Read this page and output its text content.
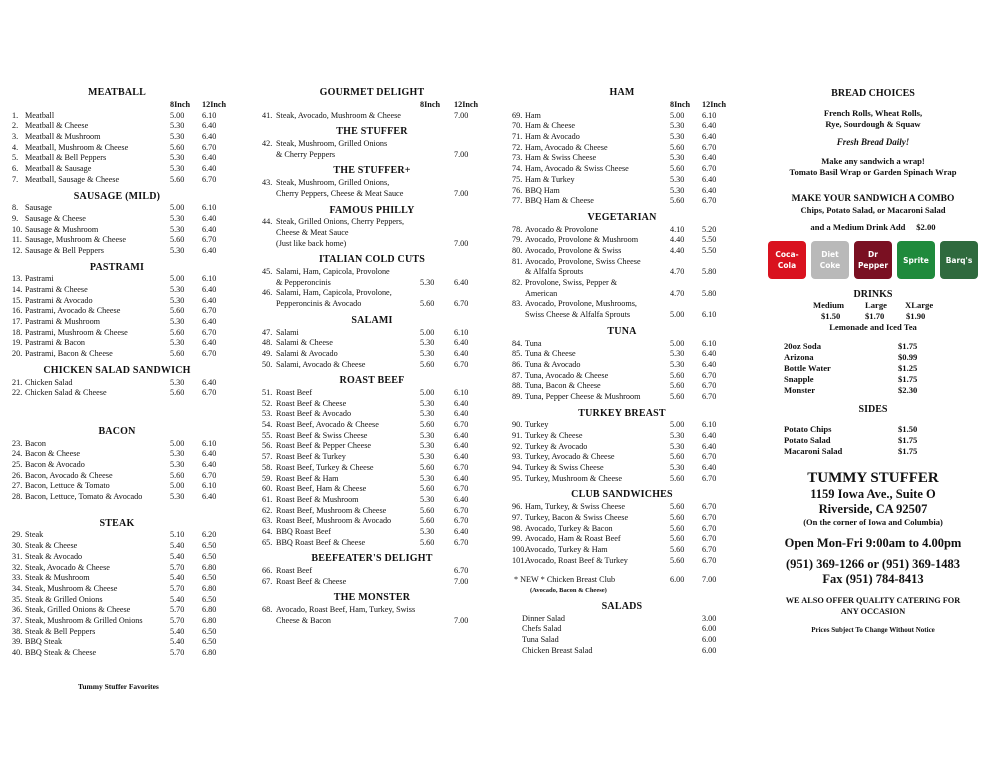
MEATBALL
8Inch 12Inch
1. Meatball	5.00 6.10
2. Meatball & Cheese	5.30 6.40
3. Meatball & Mushroom	5.30 6.40
4. Meatball, Mushroom & Cheese	5.60 6.70
5. Meatball & Bell Peppers	5.30 6.40
6. Meatball & Sausage	5.30 6.40
7. Meatball, Sausage & Cheese	5.60 6.70
SAUSAGE (MILD)
8. Sausage	5.00 6.10
9. Sausage & Cheese	5.30 6.40
10. Sausage & Mushroom	5.30 6.40
11. Sausage, Mushroom & Cheese	5.60 6.70
12. Sausage & Bell Peppers	5.30 6.40
PASTRAMI
13. Pastrami	5.00 6.10
14. Pastrami & Cheese	5.30 6.40
15. Pastrami & Avocado	5.30 6.40
16. Pastrami, Avocado & Cheese	5.60 6.70
17. Pastrami & Mushroom	5.30 6.40
18. Pastrami, Mushroom & Cheese	5.60 6.70
19. Pastrami & Bacon	5.30 6.40
20. Pastrami, Bacon & Cheese	5.60 6.70
CHICKEN SALAD SANDWICH
21. Chicken Salad	5.30 6.40
22. Chicken Salad & Cheese	5.60 6.70
BACON
23. Bacon	5.00 6.10
24. Bacon & Cheese	5.30 6.40
25. Bacon & Avocado	5.30 6.40
26. Bacon, Avocado & Cheese	5.60 6.70
27. Bacon, Lettuce & Tomato	5.00 6.10
28. Bacon, Lettuce, Tomato & Avocado	5.30 6.40
STEAK
29. Steak	5.10 6.20
30. Steak & Cheese	5.40 6.50
31. Steak & Avocado	5.40 6.50
32. Steak, Avocado & Cheese	5.70 6.80
33. Steak & Mushroom	5.40 6.50
34. Steak, Mushroom & Cheese	5.70 6.80
35. Steak & Grilled Onions	5.40 6.50
36. Steak, Grilled Onions & Cheese	5.70 6.80
37. Steak, Mushroom & Grilled Onions	5.70 6.80
38. Steak & Bell Peppers	5.40 6.50
39. BBQ Steak	5.40 6.50
40. BBQ Steak & Cheese	5.70 6.80
GOURMET DELIGHT
8Inch 12Inch
41. Steak, Avocado, Mushroom & Cheese	7.00
THE STUFFER
42. Steak, Mushroom, Grilled Onions
& Cherry Peppers	7.00
THE STUFFER+
43. Steak, Mushroom, Grilled Onions,
Cherry Peppers, Cheese & Meat Sauce	7.00
FAMOUS PHILLY
44. Steak, Grilled Onions, Cherry Peppers,
Cheese & Meat Sauce
(Just like back home)	7.00
ITALIAN COLD CUTS
45. Salami, Ham, Capicola, Provolone
& Pepperoncinis	5.30 6.40
46. Salami, Ham, Capicola, Provolone,
Pepperoncinis & Avocado	5.60 6.70
SALAMI
47. Salami	5.00 6.10
48. Salami & Cheese	5.30 6.40
49. Salami & Avocado	5.30 6.40
50. Salami, Avocado & Cheese	5.60 6.70
ROAST BEEF
51. Roast Beef	5.00 6.10
52. Roast Beef & Cheese	5.30 6.40
53. Roast Beef & Avocado	5.30 6.40
54. Roast Beef, Avocado & Cheese	5.60 6.70
55. Roast Beef & Swiss Cheese	5.30 6.40
56. Roast Beef & Pepper Cheese	5.30 6.40
57. Roast Beef & Turkey	5.30 6.40
58. Roast Beef, Turkey & Cheese	5.60 6.70
59. Roast Beef & Ham	5.30 6.40
60. Roast Beef, Ham & Cheese	5.60 6.70
61. Roast Beef & Mushroom	5.30 6.40
62. Roast Beef, Mushroom & Cheese	5.60 6.70
63. Roast Beef, Mushroom & Avocado	5.60 6.70
64. BBQ Roast Beef	5.30 6.40
65. BBQ Roast Beef & Cheese	5.60 6.70
BEEFEATER'S DELIGHT
66. Roast Beef	6.70
67. Roast Beef & Cheese	7.00
THE MONSTER
68. Avocado, Roast Beef, Ham, Turkey, Swiss
Cheese & Bacon	7.00
HAM
8Inch 12Inch
69. Ham	5.00 6.10
70. Ham & Cheese	5.30 6.40
71. Ham & Avocado	5.30 6.40
72. Ham, Avocado & Cheese	5.60 6.70
73. Ham & Swiss Cheese	5.30 6.40
74. Ham, Avocado & Swiss Cheese	5.60 6.70
75. Ham & Turkey	5.30 6.40
76. BBQ Ham	5.30 6.40
77. BBQ Ham & Cheese	5.60 6.70
VEGETARIAN
78. Avocado & Provolone	4.10 5.20
79. Avocado, Provolone & Mushroom	4.40 5.50
80. Avocado, Provolone & Swiss	4.40 5.50
81. Avocado, Provolone, Swiss Cheese
& Alfalfa Sprouts	4.70 5.80
82. Provolone, Swiss, Pepper &
American	4.70 5.80
83. Avocado, Provolone, Mushrooms,
Swiss Cheese & Alfalfa Sprouts	5.00 6.10
TUNA
84. Tuna	5.00 6.10
85. Tuna & Cheese	5.30 6.40
86. Tuna & Avocado	5.30 6.40
87. Tuna, Avocado & Cheese	5.60 6.70
88. Tuna, Bacon & Cheese	5.60 6.70
89. Tuna, Pepper Cheese & Mushroom	5.60 6.70
TURKEY BREAST
90. Turkey	5.00 6.10
91. Turkey & Cheese	5.30 6.40
92. Turkey & Avocado	5.30 6.40
93. Turkey, Avocado & Cheese	5.60 6.70
94. Turkey & Swiss Cheese	5.30 6.40
95. Turkey, Mushroom & Cheese	5.60 6.70
CLUB SANDWICHES
96. Ham, Turkey, & Swiss Cheese	5.60 6.70
97. Turkey, Bacon & Swiss Cheese	5.60 6.70
98. Avocado, Turkey & Bacon	5.60 6.70
99. Avocado, Ham & Roast Beef	5.60 6.70
100.
Avocado, Turkey & Ham	5.60 6.70
101.
Avocado, Roast Beef & Turkey	5.60 6.70
* NEW * Chicken Breast Club	6.00 7.00
(Avocado, Bacon & Cheese)
SALADS
Dinner Salad	3.00
Chefs Salad	6.00
Tuna Salad	6.00
Chicken Breast Salad	6.00

BREAD CHOICES

French Rolls, Wheat Rolls,

Rye, Sourdough & Squaw

Fresh Bread Daily!

Make any sandwich a wrap!

Tomato Basil Wrap or Garden Spinach Wrap

MAKE YOUR SANDWICH A COMBO

Chips, Potato Salad, or Macaroni Salad

and a Medium Drink Add $2.00

Coca-Cola
Diet Coke
Dr Pepper
Sprite	Barq's

DRINKS

Medium Large XLarge
$1.50	$1.70	$1.90

Lemonade and Iced Tea

20oz Soda	$1.75
Arizona	$0.99
Bottle Water	$1.25
Snapple	$1.75
Monster	$2.30

SIDES

Potato Chips	$1.50
Potato Salad	$1.75
Macaroni Salad	$1.75

TUMMY STUFFER

1159 Iowa Ave., Suite O

Riverside, CA 92507

(On the corner of Iowa and Columbia)

Open Mon-Fri 9:00am to 4.00pm

(951) 369-1266 or (951) 369-1483

Fax (951) 784-8413

WE ALSO OFFER QUALITY CATERING FOR

ANY OCCASION

Prices Subject To Change Without Notice

Tummy Stuffer Favorites
